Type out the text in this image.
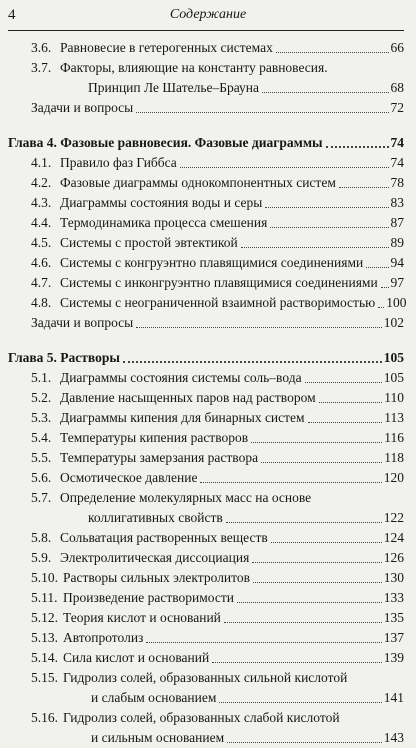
4	Содержание
3.6. Равновесие в гетерогенных системах	66
3.7. Факторы, влияющие на константу равновесия.
Принцип Ле Шателье–Брауна	68
Задачи и вопросы	72
Глава 4. Фазовые равновесия. Фазовые диаграммы	74
4.1. Правило фаз Гиббса	74
4.2. Фазовые диаграммы однокомпонентных систем	78
4.3. Диаграммы состояния воды и серы	83
4.4. Термодинамика процесса смешения	87
4.5. Системы с простой эвтектикой	89
4.6. Системы с конгруэнтно плавящимися соединениями 94
4.7. Системы с инконгруэнтно плавящимися соединениями 97
4.8. Системы с неограниченной взаимной растворимостью 100
Задачи и вопросы	102
Глава 5. Растворы	105
5.1. Диаграммы состояния системы соль–вода	105
5.2. Давление насыщенных паров над раствором	110
5.3. Диаграммы кипения для бинарных систем	113
5.4. Температуры кипения растворов	116
5.5. Температуры замерзания раствора	118
5.6. Осмотическое давление	120
5.7. Определение молекулярных масс на основе
коллигативных свойств	122
5.8. Сольватация растворенных веществ	124
5.9. Электролитическая диссоциация	126
5.10. Растворы сильных электролитов	130
5.11. Произведение растворимости	133
5.12. Теория кислот и оснований	135
5.13. Автопротолиз	137
5.14. Сила кислот и оснований	139
5.15. Гидролиз солей, образованных сильной кислотой
и слабым основанием	141
5.16. Гидролиз солей, образованных слабой кислотой
и сильным основанием	143
